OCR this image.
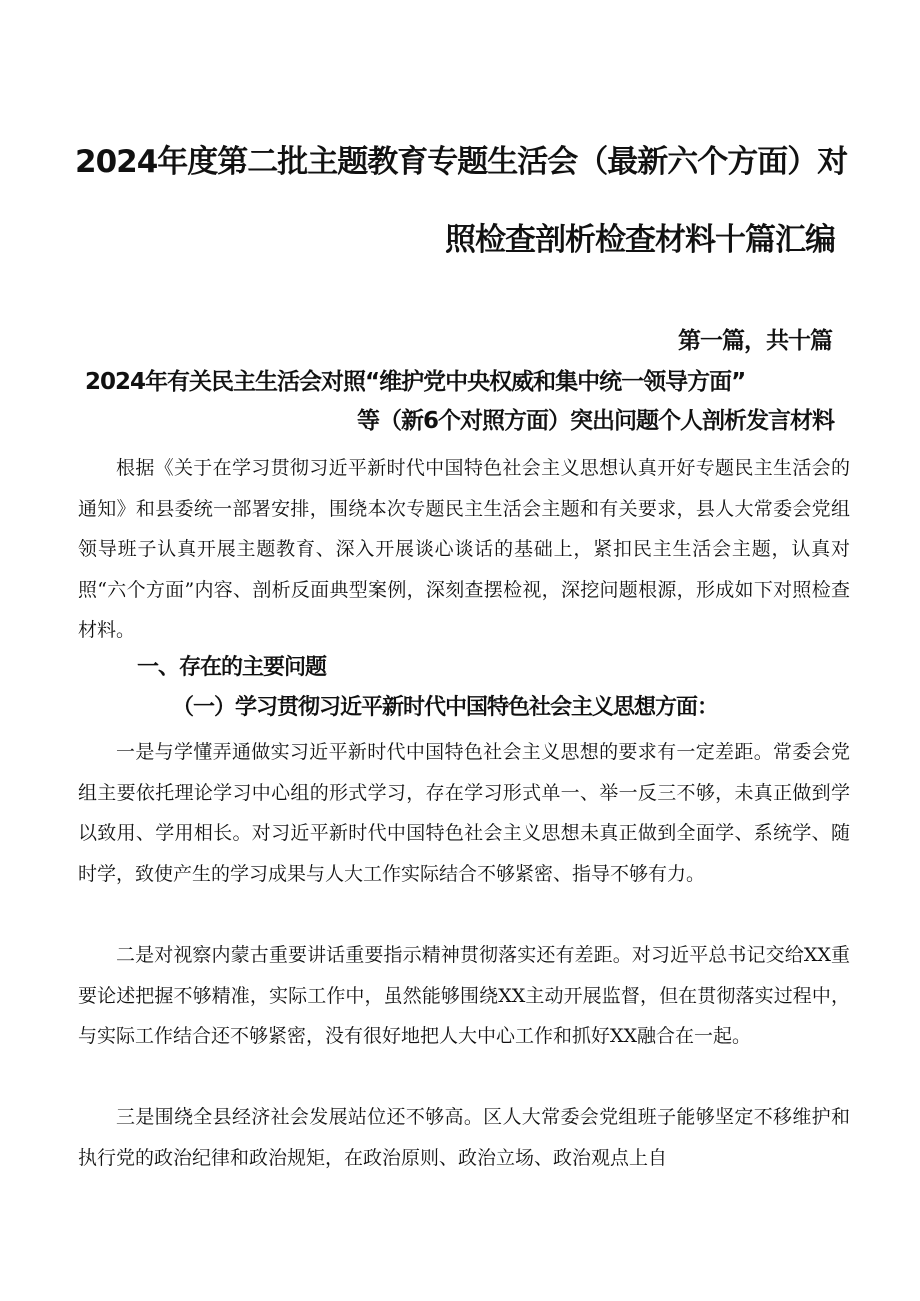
2024年度第二批主题教育专题生活会（最新六个方面）对
照检查剖析检查材料十篇汇编
第一篇，共十篇
2024年有关民主生活会对照“维护党中央权威和集中统一领导方面”
等（新6个对照方面）突出问题个人剖析发言材料

根据《关于在学习贯彻习近平新时代中国特色社会主义思想认真开好专题民主生活会的通知》和县委统一部署安排，围绕本次专题民主生活会主题和有关要求，县人大常委会党组领导班子认真开展主题教育、深入开展谈心谈话的基础上，紧扣民主生活会主题，认真对照“六个方面”内容、剖析反面典型案例，深刻查摆检视，深挖问题根源，形成如下对照检查材料。

一、存在的主要问题
（一）学习贯彻习近平新时代中国特色社会主义思想方面：

一是与学懂弄通做实习近平新时代中国特色社会主义思想的要求有一定差距。常委会党组主要依托理论学习中心组的形式学习，存在学习形式单一、举一反三不够，未真正做到学以致用、学用相长。对习近平新时代中国特色社会主义思想未真正做到全面学、系统学、随时学，致使产生的学习成果与人大工作实际结合不够紧密、指导不够有力。

二是对视察内蒙古重要讲话重要指示精神贯彻落实还有差距。对习近平总书记交给XX重要论述把握不够精准，实际工作中，虽然能够围绕XX主动开展监督，但在贯彻落实过程中，与实际工作结合还不够紧密，没有很好地把人大中心工作和抓好XX融合在一起。

三是围绕全县经济社会发展站位还不够高。区人大常委会党组班子能够坚定不移维护和执行党的政治纪律和政治规矩，在政治原则、政治立场、政治观点上自
